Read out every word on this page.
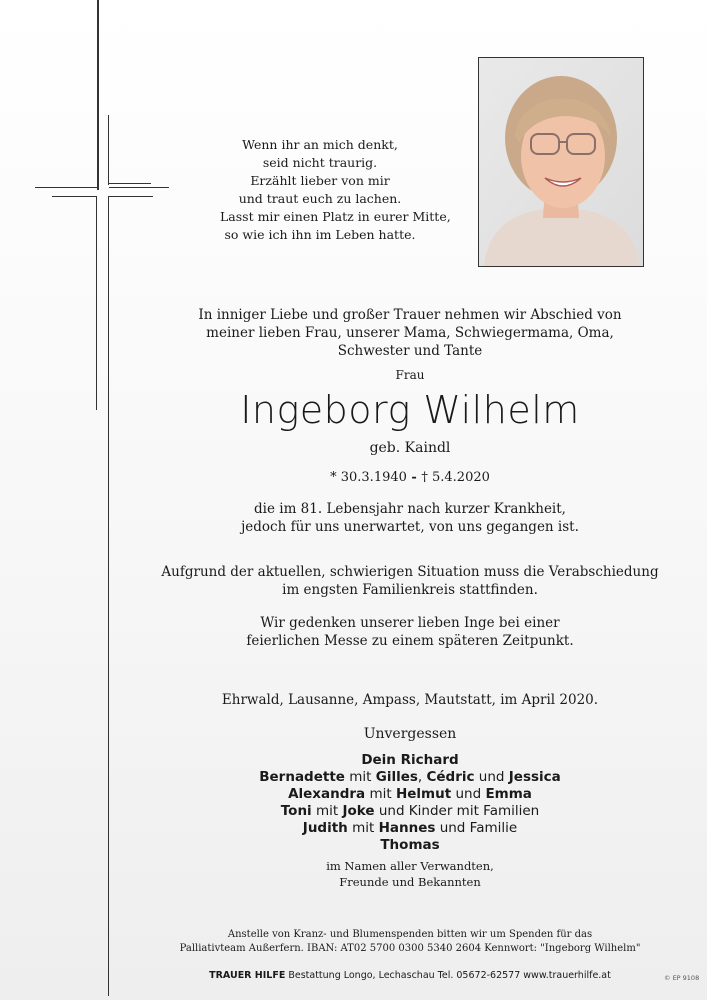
Wenn ihr an mich denkt,
seid nicht traurig.
Erzählt lieber von mir
und traut euch zu lachen.
Lasst mir einen Platz in eurer Mitte,
so wie ich ihn im Leben hatte.
In inniger Liebe und großer Trauer nehmen wir Abschied von
meiner lieben Frau, unserer Mama, Schwiegermama, Oma,
Schwester und Tante
Frau
Ingeborg Wilhelm
geb. Kaindl
* 30.3.1940 - † 5.4.2020
die im 81. Lebensjahr nach kurzer Krankheit,
jedoch für uns unerwartet, von uns gegangen ist.
Aufgrund der aktuellen, schwierigen Situation muss die Verabschiedung
im engsten Familienkreis stattfinden.
Wir gedenken unserer lieben Inge bei einer
feierlichen Messe zu einem späteren Zeitpunkt.
Ehrwald, Lausanne, Ampass, Mautstatt, im April 2020.
Unvergessen
Dein Richard
Bernadette mit Gilles, Cédric und Jessica
Alexandra mit Helmut und Emma
Toni mit Joke und Kinder mit Familien
Judith mit Hannes und Familie
Thomas
im Namen aller Verwandten,
Freunde und Bekannten
Anstelle von Kranz- und Blumenspenden bitten wir um Spenden für das
Palliativteam Außerfern. IBAN: AT02 5700 0300 5340 2604 Kennwort: "Ingeborg Wilhelm"
TRAUER HILFE Bestattung Longo, Lechaschau Tel. 05672-62577 www.trauerhilfe.at	© EP 9108
